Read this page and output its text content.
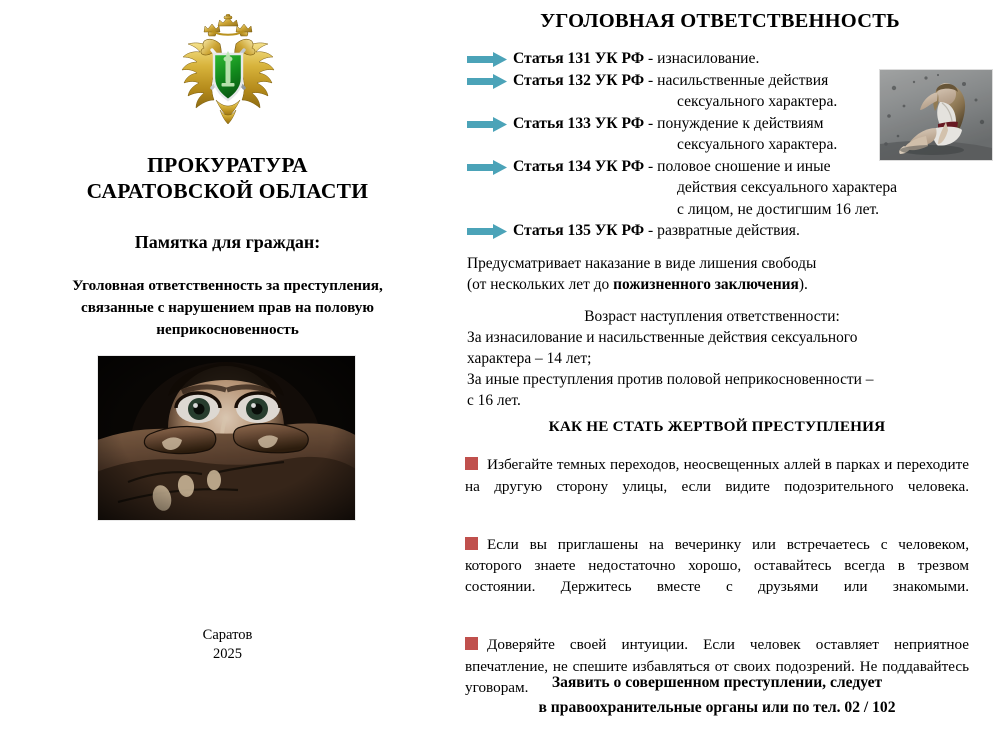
ПРОКУРАТУРА
САРАТОВСКОЙ ОБЛАСТИ
Памятка для граждан:
Уголовная ответственность за преступления,
связанные с нарушением прав на половую
неприкосновенность
Саратов
2025
УГОЛОВНАЯ ОТВЕТСТВЕННОСТЬ
Статья 131 УК РФ - изнасилование.
Статья 132 УК РФ - насильственные действия
сексуального характера.
Статья 133 УК РФ - понуждение к действиям
сексуального характера.
Статья 134 УК РФ - половое сношение и иные
действия сексуального характера
с лицом, не достигшим 16 лет.
Статья 135 УК РФ - развратные действия.
Предусматривает наказание в виде лишения свободы
(от нескольких лет до пожизненного заключения).
Возраст наступления ответственности:
За изнасилование и насильственные действия сексуального
характера – 14 лет;
За иные преступления против половой неприкосновенности –
с 16 лет.
КАК НЕ СТАТЬ ЖЕРТВОЙ ПРЕСТУПЛЕНИЯ

Избегайте темных переходов, неосвещенных аллей в парках и переходите на другую сторону улицы, если видите подозрительного человека.

Если вы приглашены на вечеринку или встречаетесь с человеком, которого знаете недостаточно хорошо, оставайтесь всегда в трезвом состоянии. Держитесь вместе с друзьями или знакомыми.

Доверяйте своей интуиции. Если человек оставляет неприятное впечатление, не спешите избавляться от своих подозрений. Не поддавайтесь уговорам.	Заявить о совершенном преступлении, следует
в правоохранительные органы или по тел. 02 / 102
